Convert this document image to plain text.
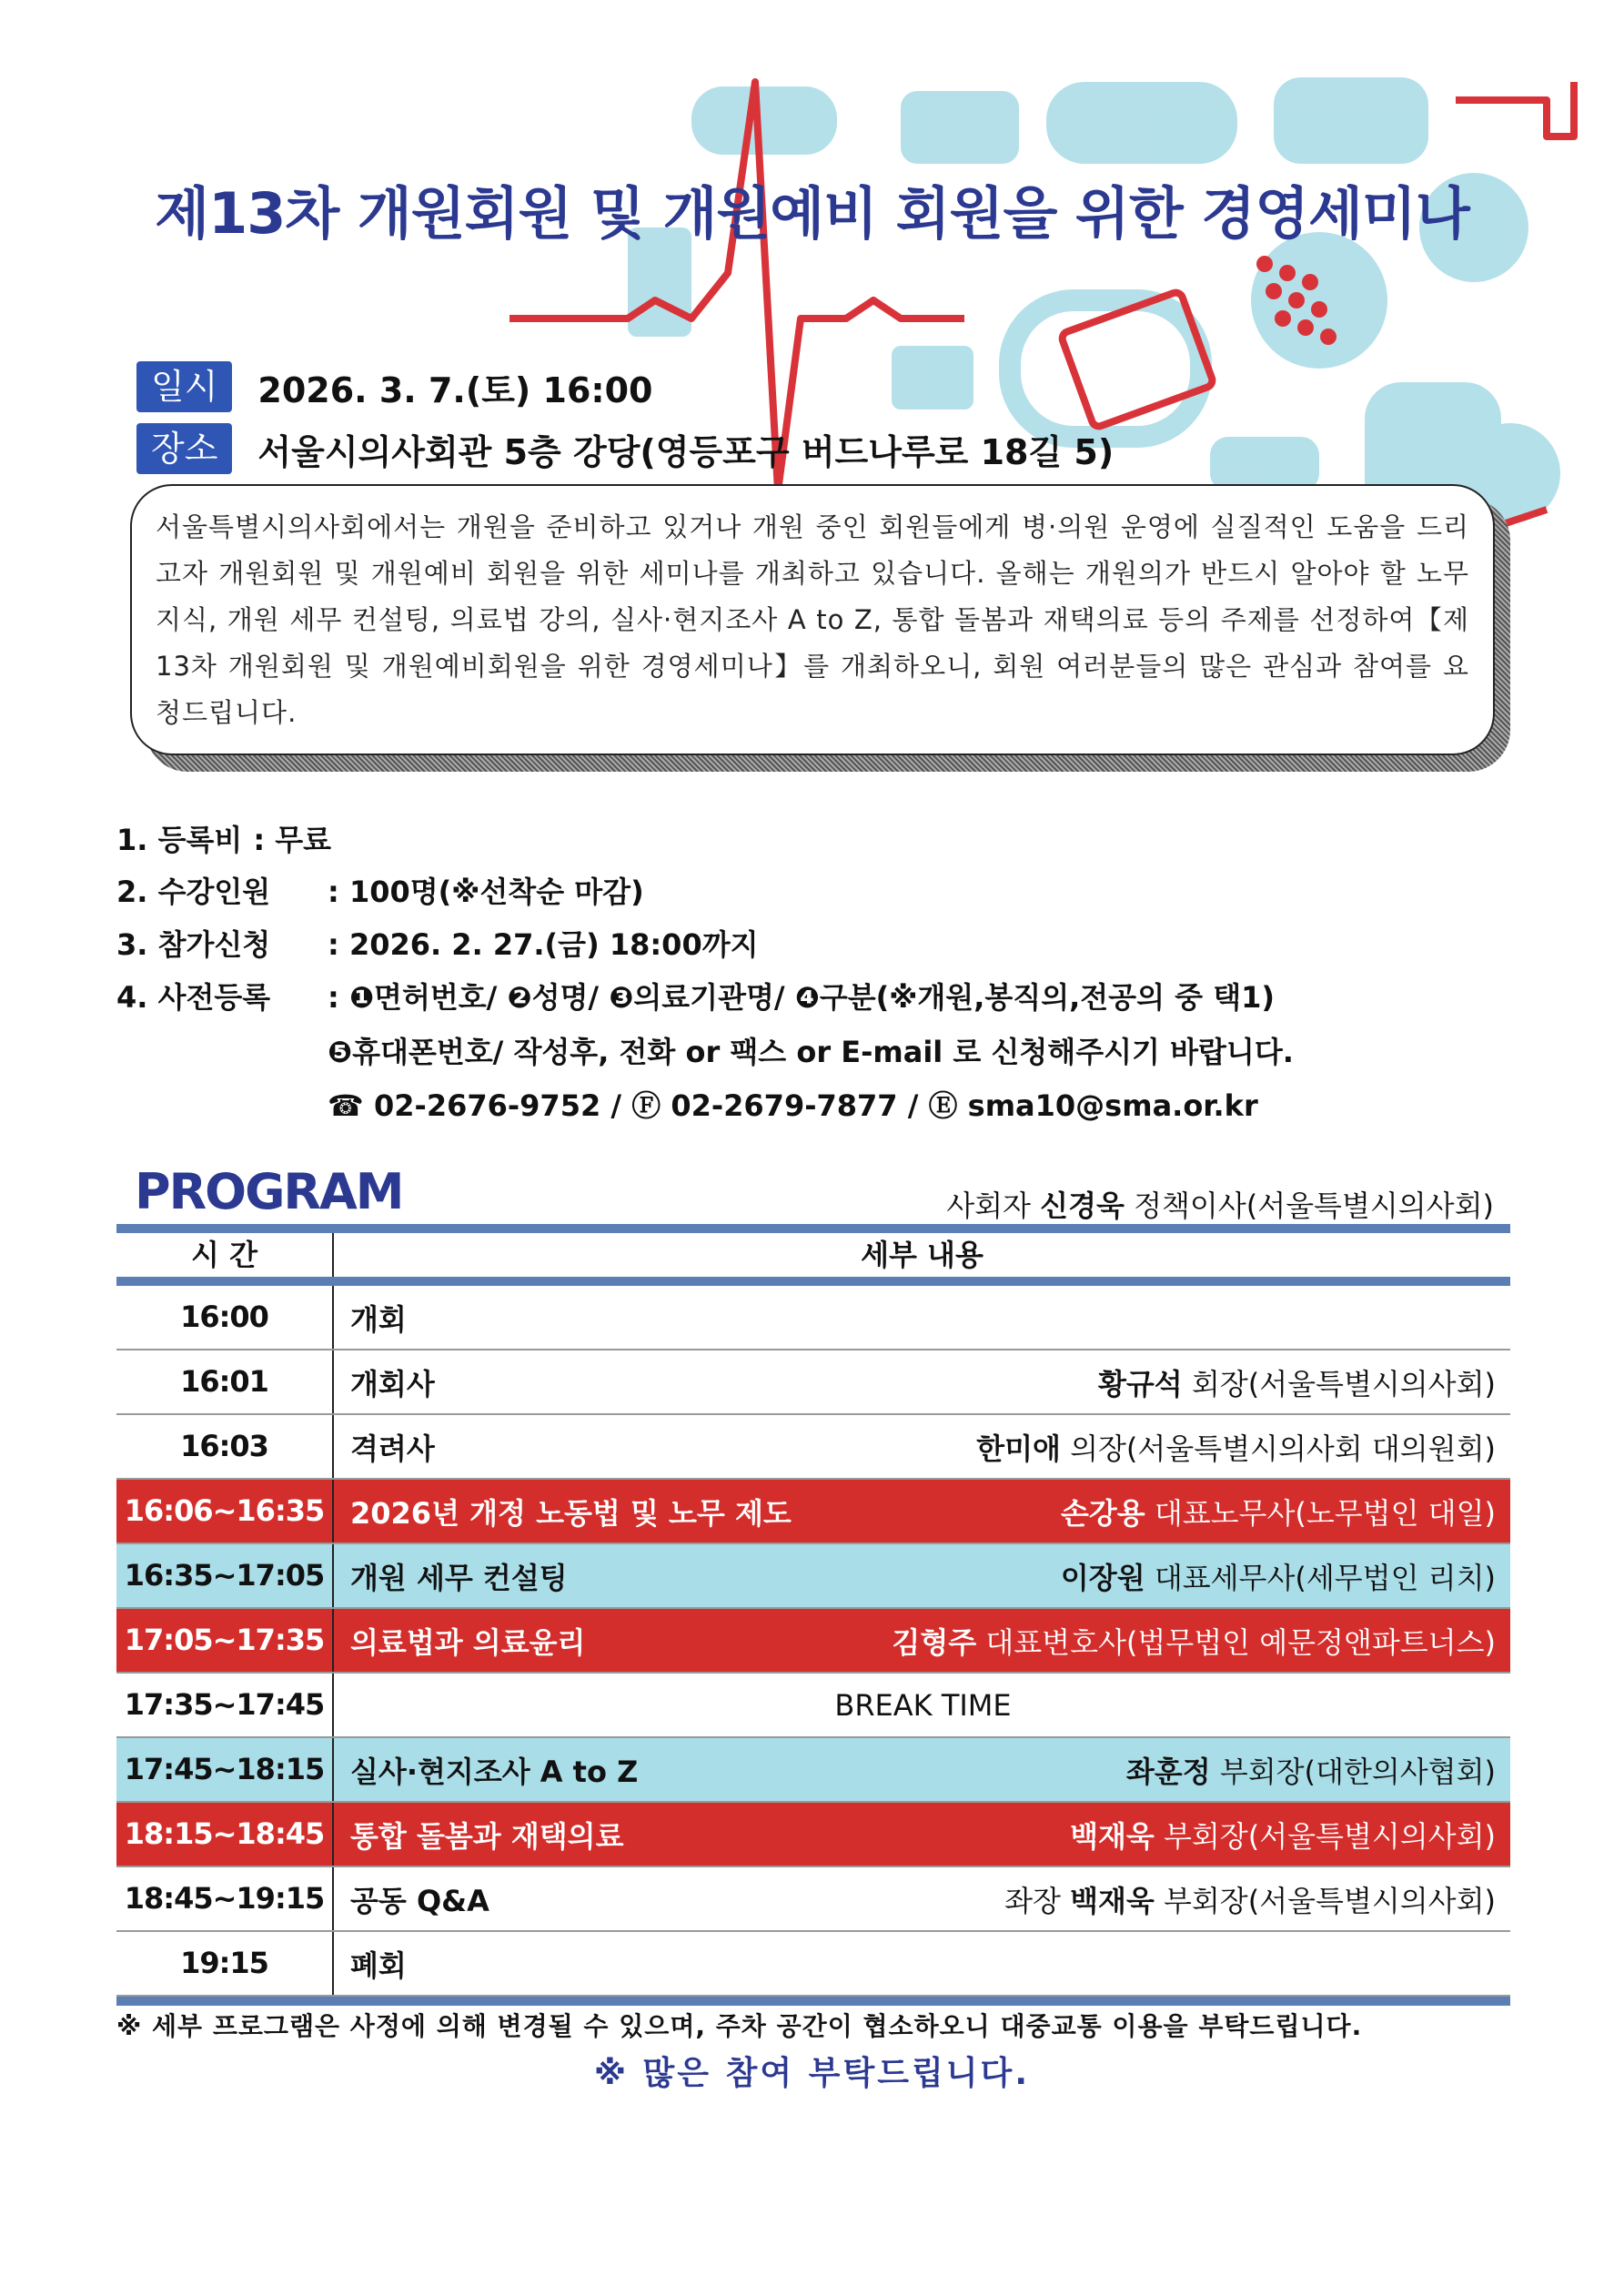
제13차 개원회원 및 개원예비 회원을 위한 경영세미나
일시	2026. 3. 7.(토) 16:00
장소	서울시의사회관 5층 강당(영등포구 버드나루로 18길 5)
서울특별시의사회에서는 개원을 준비하고 있거나 개원 중인 회원들에게 병·의원 운영에 실질적인 도움을 드리고자 개원회원 및 개원예비 회원을 위한 세미나를 개최하고 있습니다. 올해는 개원의가 반드시 알아야 할 노무 지식, 개원 세무 컨설팅, 의료법 강의, 실사·현지조사 A to Z, 통합 돌봄과 재택의료 등의 주제를 선정하여【제13차 개원회원 및 개원예비회원을 위한 경영세미나】를 개최하오니, 회원 여러분들의 많은 관심과 참여를 요청드립니다.
1. 등록비 : 무료
2. 수강인원 : 100명(※선착순 마감)
3. 참가신청 : 2026. 2. 27.(금) 18:00까지
4. 사전등록 : ❶면허번호/ ❷성명/ ❸의료기관명/ ❹구분(※개원,봉직의,전공의 중 택1)
❺휴대폰번호/ 작성후, 전화 or 팩스 or E-mail 로 신청해주시기 바랍니다.
☎ 02-2676-9752 / Ⓕ 02-2679-7877 / Ⓔ sma10@sma.or.kr
PROGRAM	사회자 신경욱 정책이사(서울특별시의사회)
시 간	세부 내용
16:00	개회
16:01	개회사	황규석 회장(서울특별시의사회)
16:03	격려사	한미애 의장(서울특별시의사회 대의원회)
16:06~16:35 2026년 개정 노동법 및 노무 제도	손강용 대표노무사(노무법인 대일)
16:35~17:05 개원 세무 컨설팅	이장원 대표세무사(세무법인 리치)
17:05~17:35 의료법과 의료윤리	김형주 대표변호사(법무법인 예문정앤파트너스)
17:35~17:45	BREAK TIME
17:45~18:15 실사·현지조사 A to Z	좌훈정 부회장(대한의사협회)
18:15~18:45 통합 돌봄과 재택의료	백재욱 부회장(서울특별시의사회)
18:45~19:15 공동 Q&A	좌장 백재욱 부회장(서울특별시의사회)
19:15	폐회
※ 세부 프로그램은 사정에 의해 변경될 수 있으며, 주차 공간이 협소하오니 대중교통 이용을 부탁드립니다.
※ 많은 참여 부탁드립니다.
